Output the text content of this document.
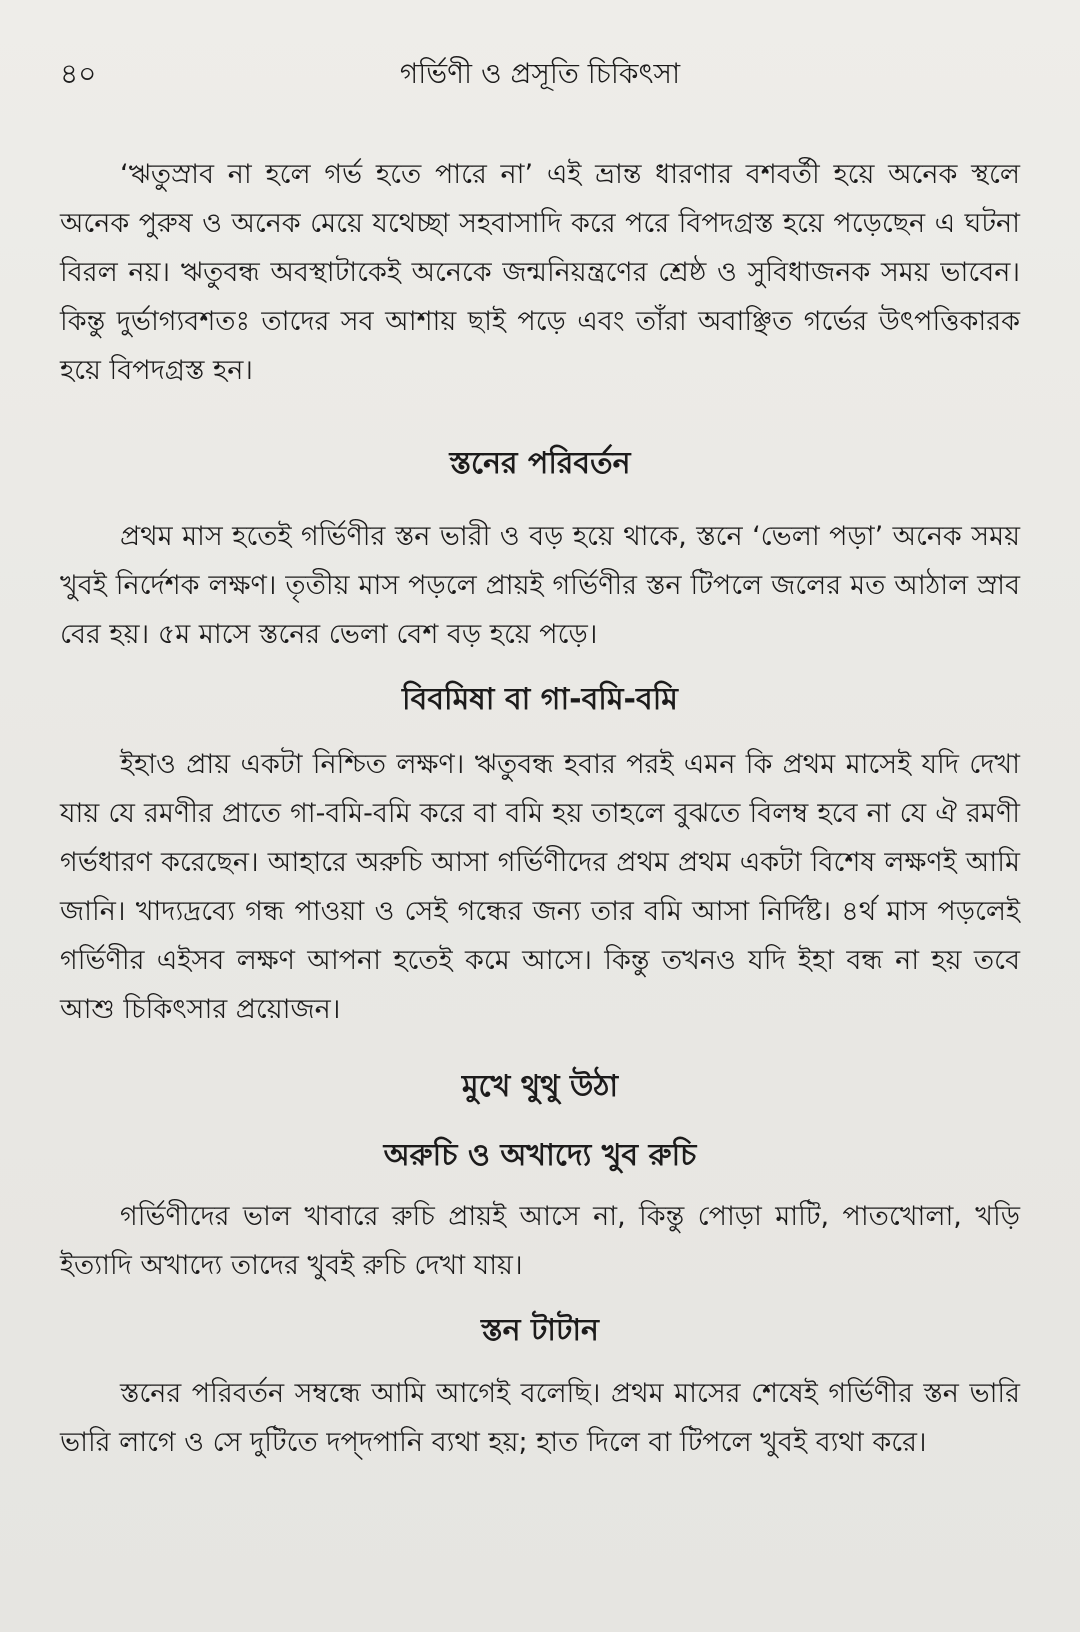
৪০	গর্ভিণী ও প্রসূতি চিকিৎসা

‘ঋতুস্রাব না হলে গর্ভ হতে পারে না’ এই ভ্রান্ত ধারণার বশবর্তী হয়ে অনেক স্থলে অনেক পুরুষ ও অনেক মেয়ে যথেচ্ছা সহবাসাদি করে পরে বিপদগ্রস্ত হয়ে পড়েছেন এ ঘটনা বিরল নয়। ঋতুবন্ধ অবস্থাটাকেই অনেকে জন্মনিয়ন্ত্রণের শ্রেষ্ঠ ও সুবিধাজনক সময় ভাবেন। কিন্তু দুর্ভাগ্যবশতঃ তাদের সব আশায় ছাই পড়ে এবং তাঁরা অবাঞ্ছিত গর্ভের উৎপত্তিকারক হয়ে বিপদগ্রস্ত হন।

স্তনের পরিবর্তন

প্রথম মাস হতেই গর্ভিণীর স্তন ভারী ও বড় হয়ে থাকে, স্তনে ‘ভেলা পড়া’ অনেক সময় খুবই নির্দেশক লক্ষণ। তৃতীয় মাস পড়লে প্রায়ই গর্ভিণীর স্তন টিপলে জলের মত আঠাল স্রাব বের হয়। ৫ম মাসে স্তনের ভেলা বেশ বড় হয়ে পড়ে।

বিবমিষা বা গা-বমি-বমি

ইহাও প্রায় একটা নিশ্চিত লক্ষণ। ঋতুবন্ধ হবার পরই এমন কি প্রথম মাসেই যদি দেখা যায় যে রমণীর প্রাতে গা-বমি-বমি করে বা বমি হয় তাহলে বুঝতে বিলম্ব হবে না যে ঐ রমণী গর্ভধারণ করেছেন। আহারে অরুচি আসা গর্ভিণীদের প্রথম প্রথম একটা বিশেষ লক্ষণই আমি জানি। খাদ্যদ্রব্যে গন্ধ পাওয়া ও সেই গন্ধের জন্য তার বমি আসা নির্দিষ্ট। ৪র্থ মাস পড়লেই গর্ভিণীর এইসব লক্ষণ আপনা হতেই কমে আসে। কিন্তু তখনও যদি ইহা বন্ধ না হয় তবে আশু চিকিৎসার প্রয়োজন।

মুখে থুথু উঠা
অরুচি ও অখাদ্যে খুব রুচি

গর্ভিণীদের ভাল খাবারে রুচি প্রায়ই আসে না, কিন্তু পোড়া মাটি, পাতখোলা, খড়ি ইত্যাদি অখাদ্যে তাদের খুবই রুচি দেখা যায়।

স্তন টাটান

স্তনের পরিবর্তন সম্বন্ধে আমি আগেই বলেছি। প্রথম মাসের শেষেই গর্ভিণীর স্তন ভারি ভারি লাগে ও সে দুটিতে দপ্‌দপানি ব্যথা হয়; হাত দিলে বা টিপলে খুবই ব্যথা করে।
